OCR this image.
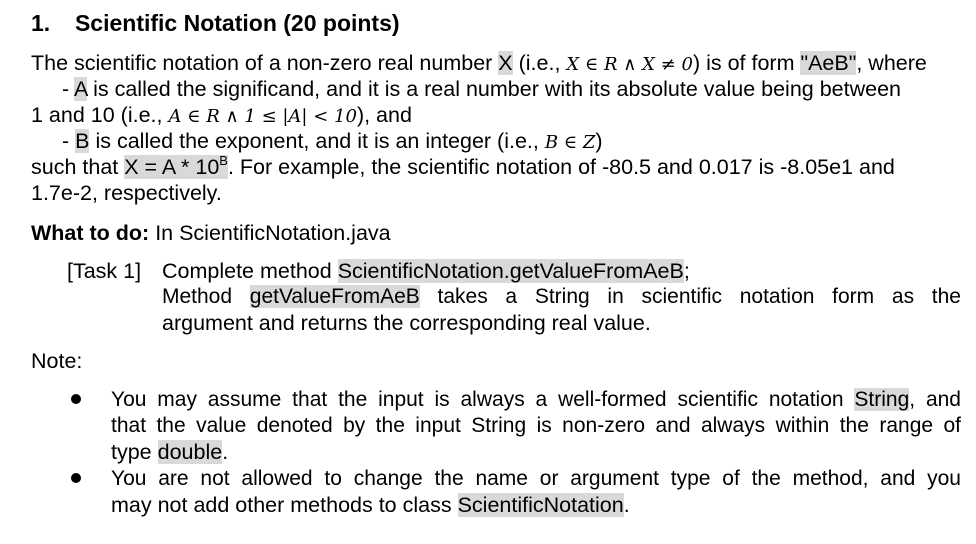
1. Scientific Notation (20 points)
The scientific notation of a non-zero real number X (i.e., X ∈ R ∧ X ≠ 0) is of form "AeB", where
- A is called the significand, and it is a real number with its absolute value being between
1 and 10 (i.e., A ∈ R ∧ 1 ≤ |A| < 10), and
- B is called the exponent, and it is an integer (i.e., B ∈ Z)
such that $X = A * 10^B$. For example, the scientific notation of -80.5 and 0.017 is -8.05e1 and
1.7e-2, respectively.
What to do: In ScientificNotation.java
[Task 1] Complete method ScientificNotation.getValueFromAeB;
Method getValueFromAeB takes a String in scientific notation form as the
argument and returns the corresponding real value.
Note:
You may assume that the input is always a well-formed scientific notation String, and
that the value denoted by the input String is non-zero and always within the range of
type double.
You are not allowed to change the name or argument type of the method, and you
may not add other methods to class ScientificNotation.
